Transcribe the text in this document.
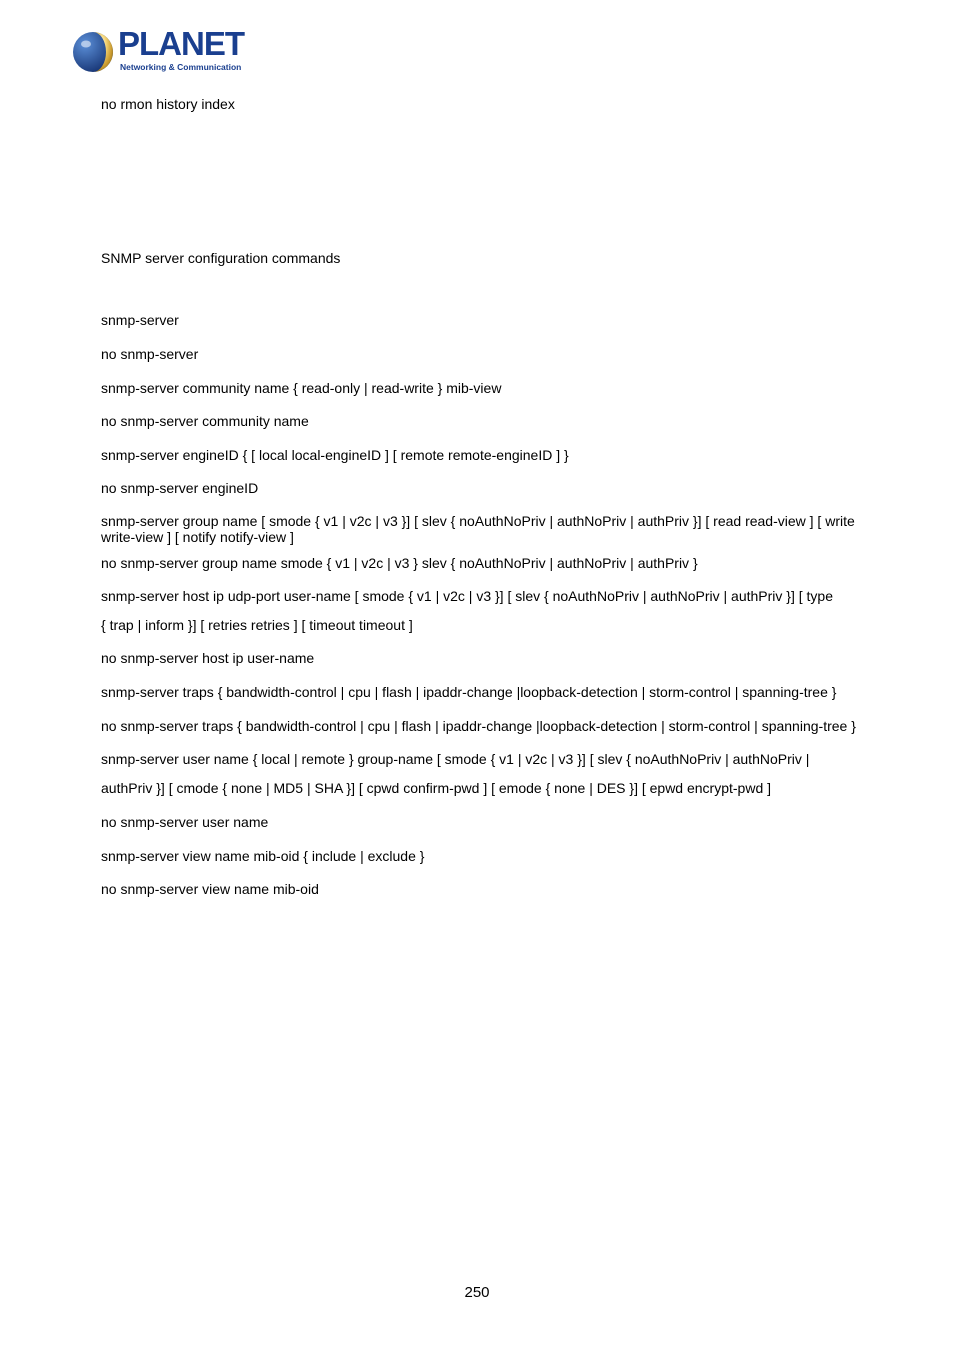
PLANET
Networking & Communication
no rmon history index
SNMP server configuration commands
snmp-server
no snmp-server
snmp-server community name { read-only | read-write } mib-view
no snmp-server community name
snmp-server engineID { [ local local-engineID ] [ remote remote-engineID ] }
no snmp-server engineID
snmp-server group name [ smode { v1 | v2c | v3 }] [ slev { noAuthNoPriv | authNoPriv | authPriv }] [ read read-view ] [ write write-view ] [ notify notify-view ]
no snmp-server group name smode { v1 | v2c | v3 } slev { noAuthNoPriv | authNoPriv | authPriv }
snmp-server host ip udp-port user-name [ smode { v1 | v2c | v3 }] [ slev { noAuthNoPriv | authNoPriv | authPriv }] [ type
{ trap | inform }] [ retries retries ] [ timeout timeout ]
no snmp-server host ip user-name
snmp-server traps { bandwidth-control | cpu | flash | ipaddr-change |loopback-detection | storm-control | spanning-tree }
no snmp-server traps { bandwidth-control | cpu | flash | ipaddr-change |loopback-detection | storm-control | spanning-tree }
snmp-server user name { local | remote } group-name [ smode { v1 | v2c | v3 }] [ slev { noAuthNoPriv | authNoPriv |
authPriv }] [ cmode { none | MD5 | SHA }] [ cpwd confirm-pwd ] [ emode { none | DES }] [ epwd encrypt-pwd ]
no snmp-server user name
snmp-server view name mib-oid { include | exclude }
no snmp-server view name mib-oid
250
